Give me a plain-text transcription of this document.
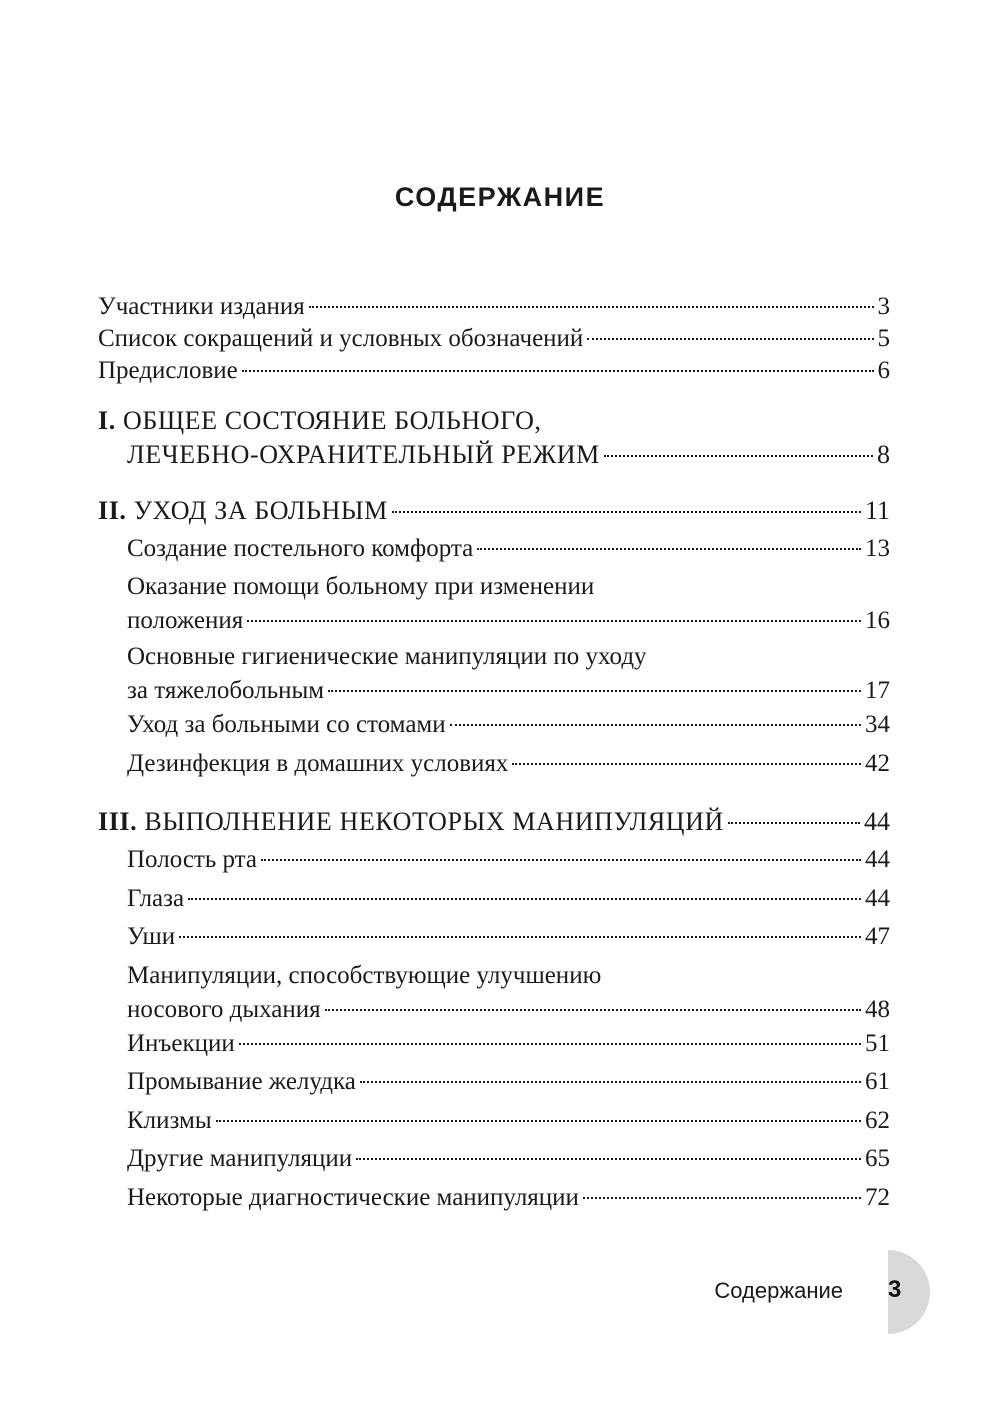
СОДЕРЖАНИЕ
Участники издания	3
Список сокращений и условных обозначений	5
Предисловие	6
I. ОБЩЕЕ СОСТОЯНИЕ БОЛЬНОГО,
ЛЕЧЕБНО-ОХРАНИТЕЛЬНЫЙ РЕЖИМ	8
II. УХОД ЗА БОЛЬНЫМ	11
Создание постельного комфорта	13
Оказание помощи больному при изменении
положения	16
Основные гигиенические манипуляции по уходу
за тяжелобольным	17
Уход за больными со стомами	34
Дезинфекция в домашних условиях	42
III. ВЫПОЛНЕНИЕ НЕКОТОРЫХ МАНИПУЛЯЦИЙ	44
Полость рта	44
Глаза	44
Уши	47
Манипуляции, способствующие улучшению
носового дыхания	48
Инъекции	51
Промывание желудка	61
Клизмы	62
Другие манипуляции	65
Некоторые диагностические манипуляции	72
Содержание 3
